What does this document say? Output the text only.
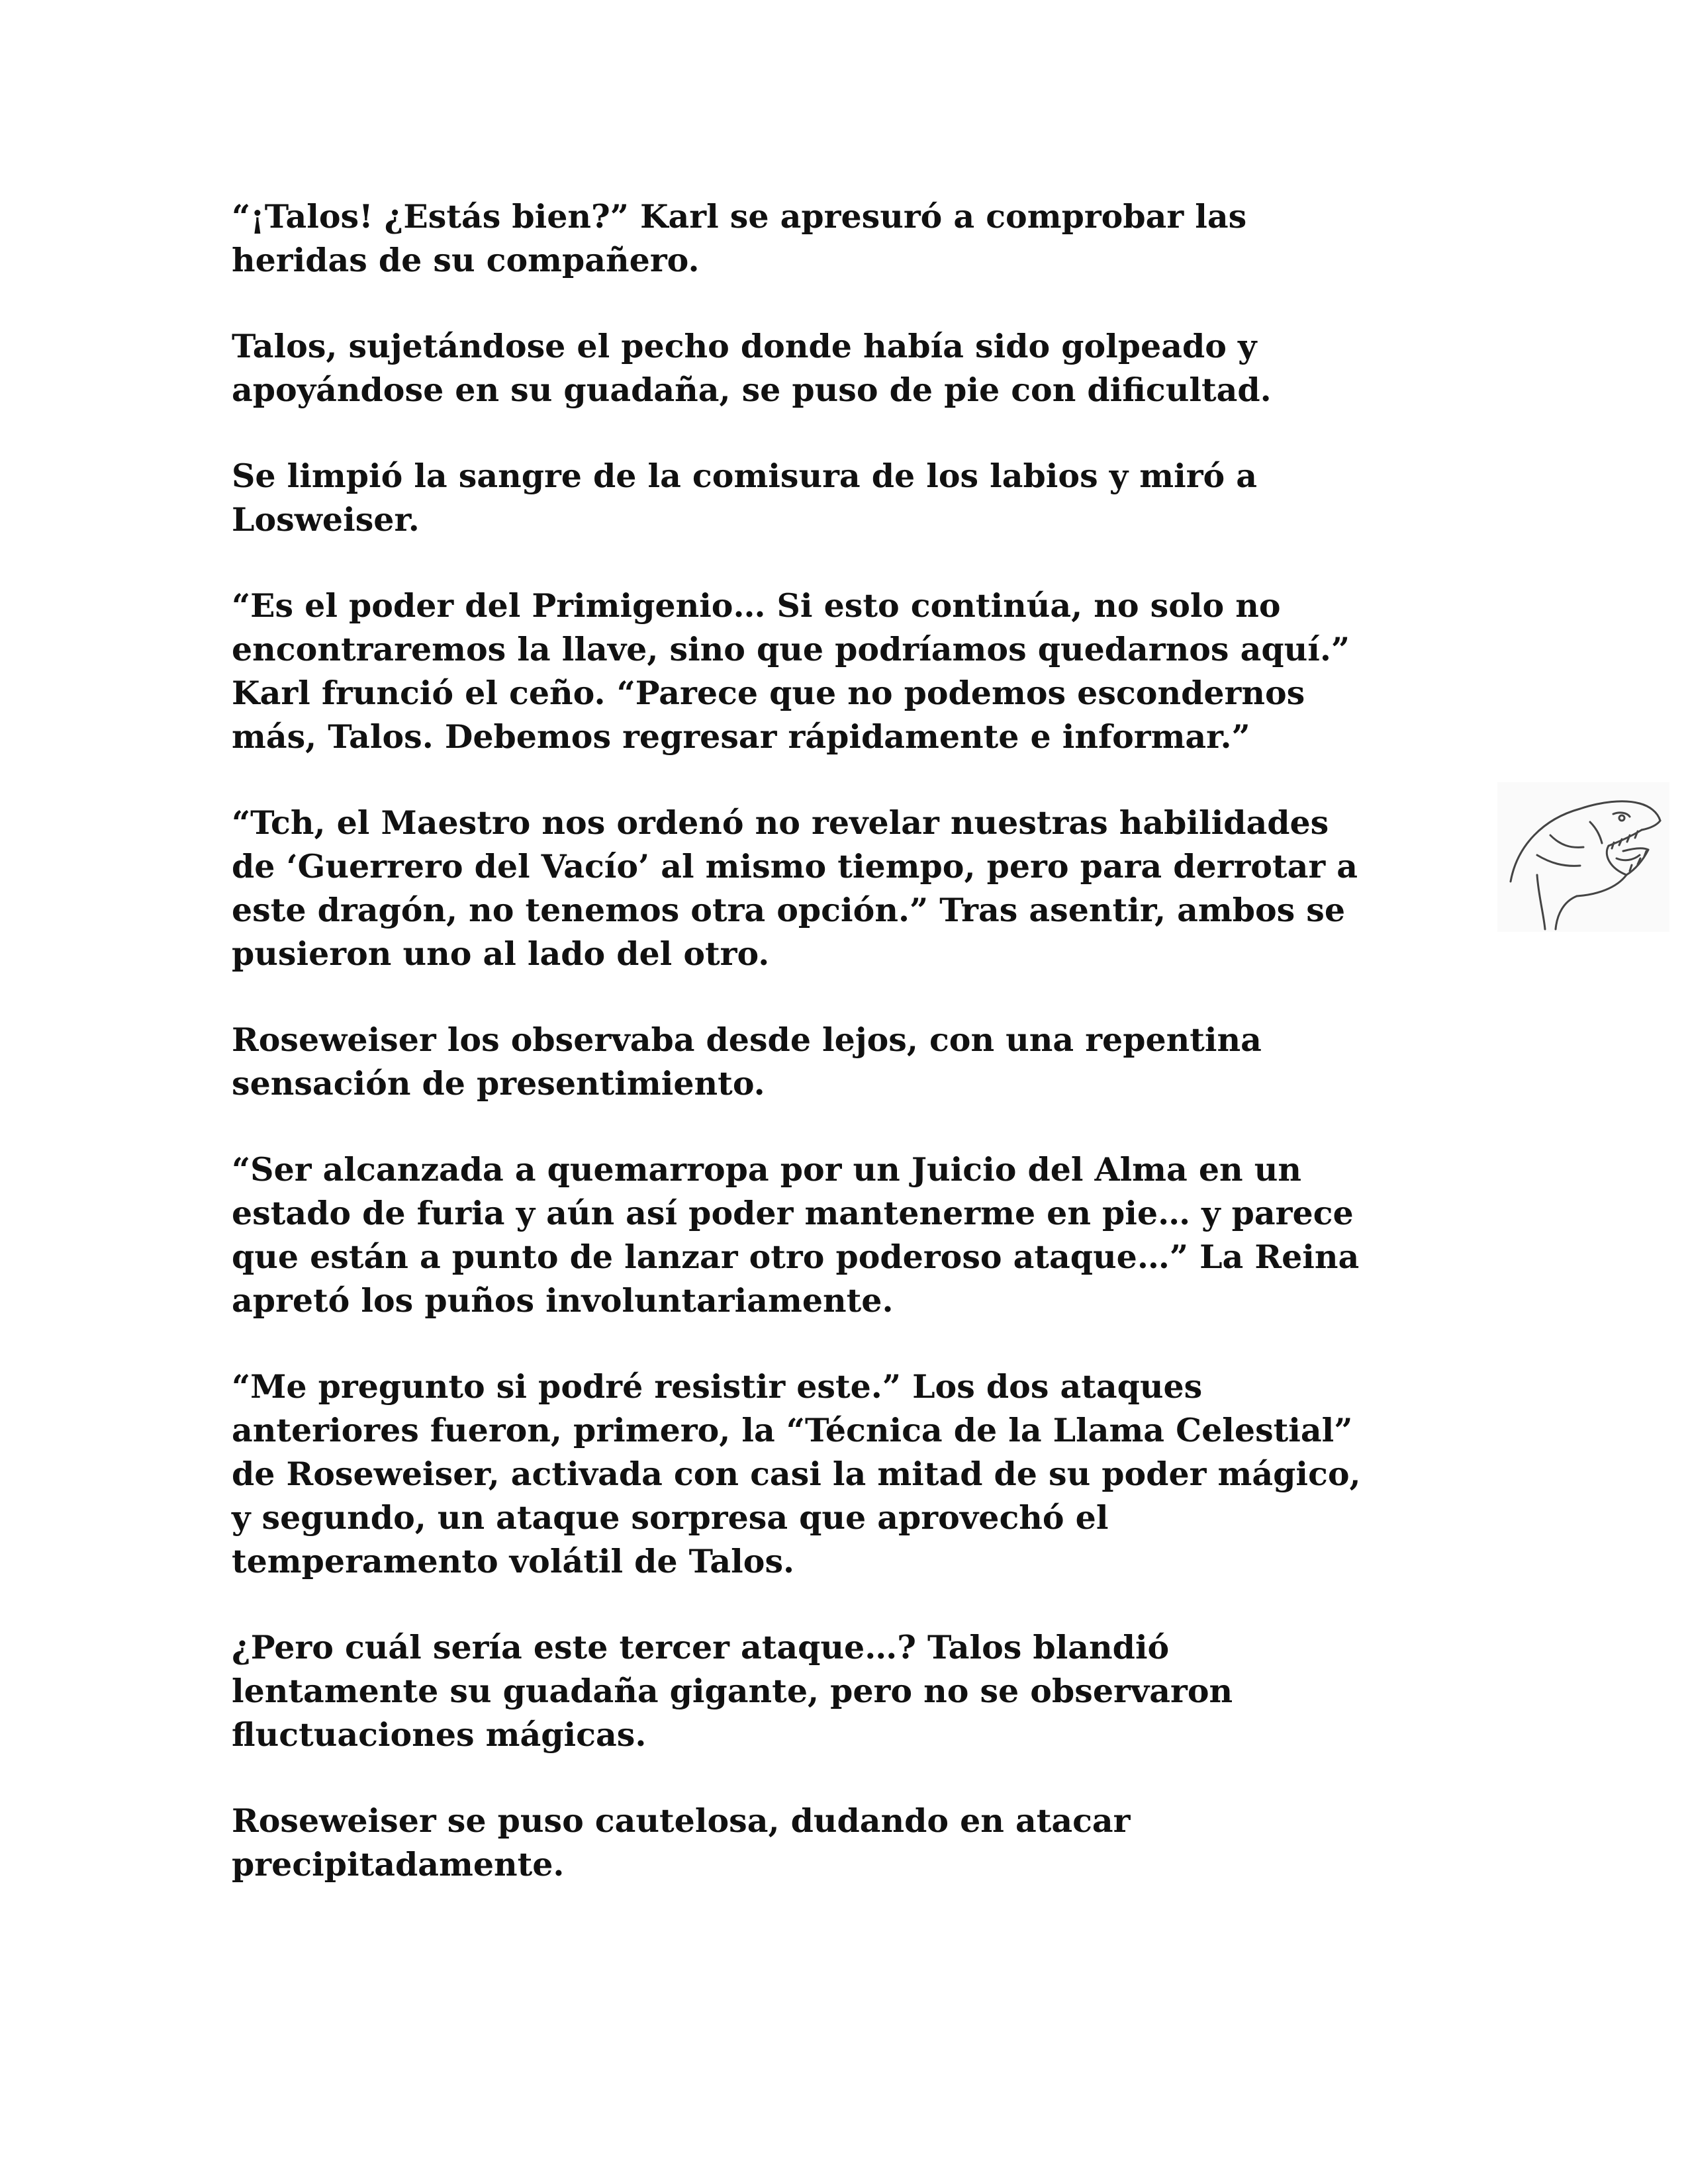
“¡Talos! ¿Estás bien?” Karl se apresuró a comprobar las
heridas de su compañero.

Talos, sujetándose el pecho donde había sido golpeado y
apoyándose en su guadaña, se puso de pie con dificultad.

Se limpió la sangre de la comisura de los labios y miró a
Losweiser.

“Es el poder del Primigenio… Si esto continúa, no solo no
encontraremos la llave, sino que podríamos quedarnos aquí.”
Karl frunció el ceño. “Parece que no podemos escondernos
más, Talos. Debemos regresar rápidamente e informar.”

“Tch, el Maestro nos ordenó no revelar nuestras habilidades
de ‘Guerrero del Vacío’ al mismo tiempo, pero para derrotar a
este dragón, no tenemos otra opción.” Tras asentir, ambos se
pusieron uno al lado del otro.

Roseweiser los observaba desde lejos, con una repentina
sensación de presentimiento.

“Ser alcanzada a quemarropa por un Juicio del Alma en un
estado de furia y aún así poder mantenerme en pie… y parece
que están a punto de lanzar otro poderoso ataque…” La Reina
apretó los puños involuntariamente.

“Me pregunto si podré resistir este.” Los dos ataques
anteriores fueron, primero, la “Técnica de la Llama Celestial”
de Roseweiser, activada con casi la mitad de su poder mágico,
y segundo, un ataque sorpresa que aprovechó el
temperamento volátil de Talos.

¿Pero cuál sería este tercer ataque…? Talos blandió
lentamente su guadaña gigante, pero no se observaron
fluctuaciones mágicas.

Roseweiser se puso cautelosa, dudando en atacar
precipitadamente.
